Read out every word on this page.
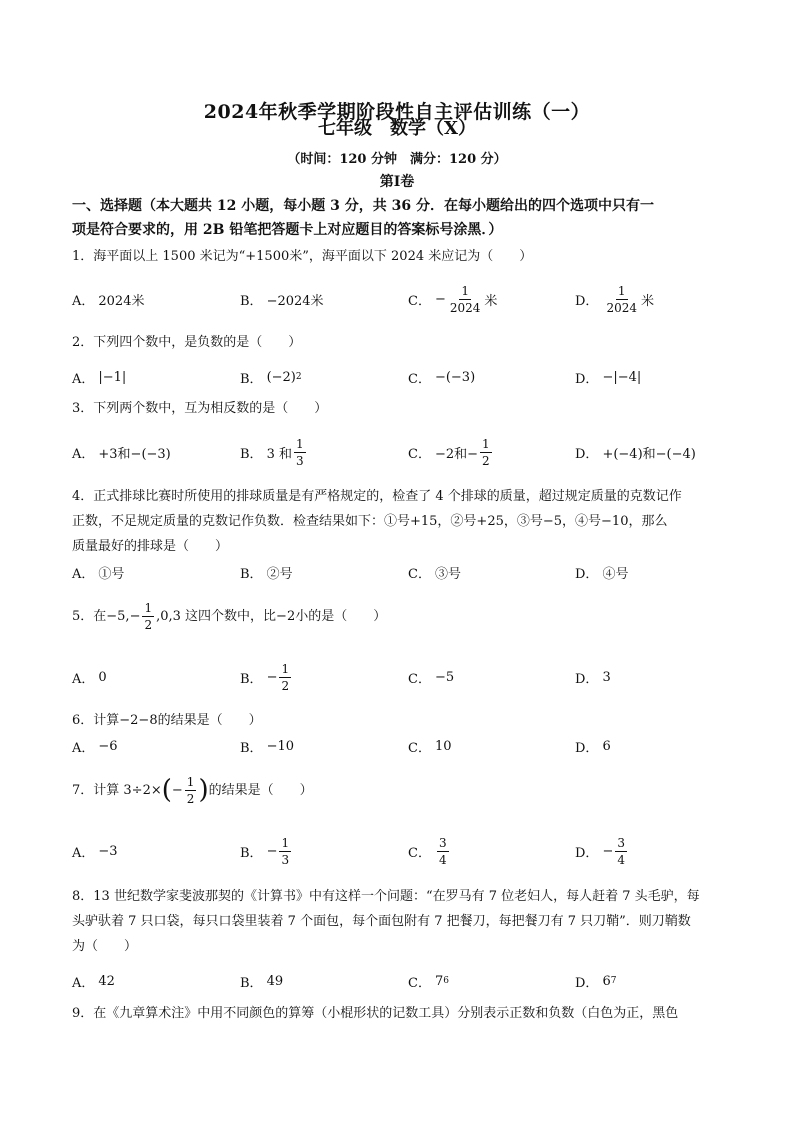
2024年秋季学期阶段性自主评估训练（一）
七年级　数学（X）
（时间：120 分钟　满分：120 分）
第Ⅰ卷
一、选择题（本大题共 12 小题，每小题 3 分，共 36 分．在每小题给出的四个选项中只有一
项是符合要求的，用 2B 铅笔把答题卡上对应题目的答案标号涂黑．）
1．海平面以上 1500 米记为“+1500米”，海平面以下 2024 米应记为（　　）
A． 2024米	B． −2024米	C． − $\frac{1}{2024}$ 米	D． $\frac{1}{2024}$ 米
2．下列四个数中，是负数的是（　　）
A． |−1|	B． (−2) 2	C． −(−3)	D． −|−4|
3．下列两个数中，互为相反数的是（　　）
A． +3和−(−3)	B． 3 和 $\frac{1}{3}$	C． −2和− $\frac{1}{2}$	D． +(−4)和−(−4)
4．正式排球比赛时所使用的排球质量是有严格规定的，检查了 4 个排球的质量，超过规定质量的克数记作
正数，不足规定质量的克数记作负数．检查结果如下：①号+15，②号+25，③号−5，④号−10，那么
质量最好的排球是（　　）
A． ①号	B． ②号	C． ③号	D． ④号
5．在$-5,- \frac{1}{2} ,0,3$ 这四个数中，比−2小的是（　　）
A． 0	B． − $\frac{1}{2}$	C． −5	D． 3
6．计算−2−8的结果是（　　）
A． −6	B． −10	C． 10	D． 6
7．计算 3÷2× ( − $\frac{1}{2}$ ) 的结果是（　　）
A． −3	B． − $\frac{1}{3}$	C． $\frac{3}{4}$	D． − $\frac{3}{4}$
8．13 世纪数学家斐波那契的《计算书》中有这样一个问题：“在罗马有 7 位老妇人，每人赶着 7 头毛驴，每
头驴驮着 7 只口袋，每只口袋里装着 7 个面包，每个面包附有 7 把餐刀，每把餐刀有 7 只刀鞘”．则刀鞘数
为（　　）
A． 42	B． 49	C． 7 6	D． 6 7
9．在《九章算术注》中用不同颜色的算筹（小棍形状的记数工具）分别表示正数和负数（白色为正，黑色
